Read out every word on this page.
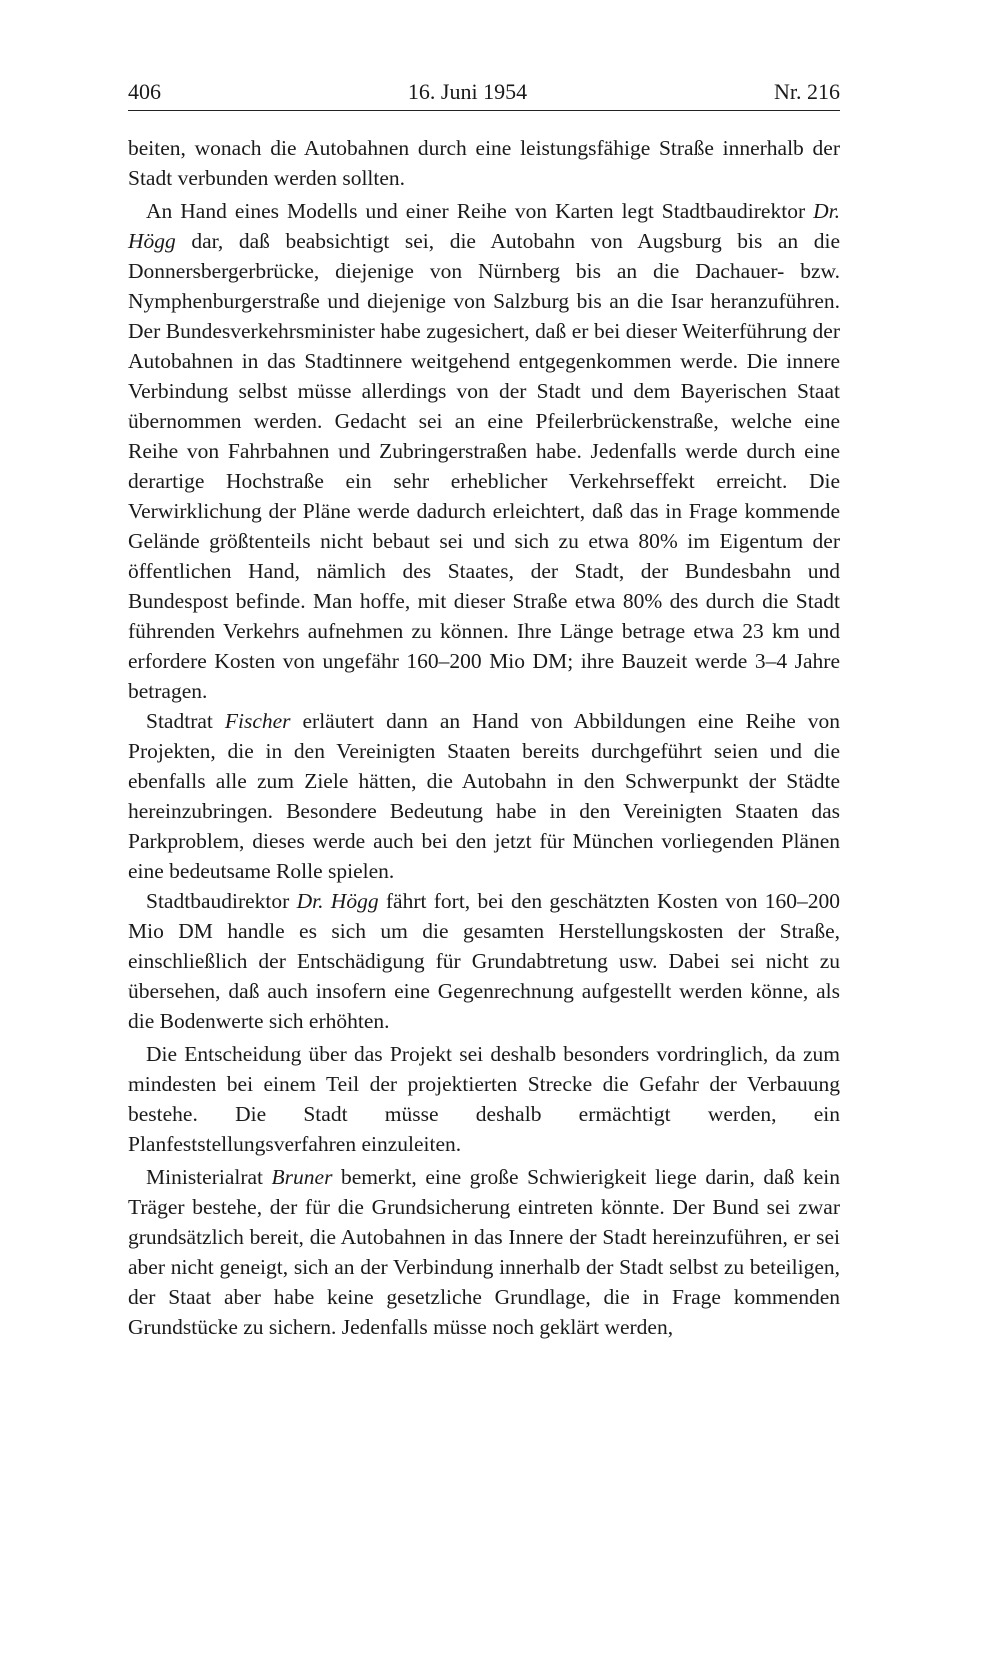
406	16. Juni 1954	Nr. 216

beiten, wonach die Autobahnen durch eine leistungsfähige Straße innerhalb der Stadt verbunden werden sollten.

An Hand eines Modells und einer Reihe von Karten legt Stadtbaudirektor Dr. Högg dar, daß beabsichtigt sei, die Autobahn von Augsburg bis an die Donnersbergerbrücke, diejenige von Nürnberg bis an die Dachauer- bzw. Nymphenburgerstraße und diejenige von Salzburg bis an die Isar heranzuführen. Der Bundesverkehrsminister habe zugesichert, daß er bei dieser Weiterführung der Autobahnen in das Stadtinnere weitgehend entgegenkommen werde. Die innere Verbindung selbst müsse allerdings von der Stadt und dem Bayerischen Staat übernommen werden. Gedacht sei an eine Pfeilerbrückenstraße, welche eine Reihe von Fahrbahnen und Zubringerstraßen habe. Jedenfalls werde durch eine derartige Hochstraße ein sehr erheblicher Verkehrseffekt erreicht. Die Verwirklichung der Pläne werde dadurch erleichtert, daß das in Frage kommende Gelände größtenteils nicht bebaut sei und sich zu etwa 80% im Eigentum der öffentlichen Hand, nämlich des Staates, der Stadt, der Bundesbahn und Bundespost befinde. Man hoffe, mit dieser Straße etwa 80% des durch die Stadt führenden Verkehrs aufnehmen zu können. Ihre Länge betrage etwa 23 km und erfordere Kosten von ungefähr 160–200 Mio DM; ihre Bauzeit werde 3–4 Jahre betragen.

Stadtrat Fischer erläutert dann an Hand von Abbildungen eine Reihe von Projekten, die in den Vereinigten Staaten bereits durchgeführt seien und die ebenfalls alle zum Ziele hätten, die Autobahn in den Schwerpunkt der Städte hereinzubringen. Besondere Bedeutung habe in den Vereinigten Staaten das Parkproblem, dieses werde auch bei den jetzt für München vorliegenden Plänen eine bedeutsame Rolle spielen.

Stadtbaudirektor Dr. Högg fährt fort, bei den geschätzten Kosten von 160–200 Mio DM handle es sich um die gesamten Herstellungskosten der Straße, einschließlich der Entschädigung für Grundabtretung usw. Dabei sei nicht zu übersehen, daß auch insofern eine Gegenrechnung aufgestellt werden könne, als die Bodenwerte sich erhöhten.

Die Entscheidung über das Projekt sei deshalb besonders vordringlich, da zum mindesten bei einem Teil der projektierten Strecke die Gefahr der Verbauung bestehe. Die Stadt müsse deshalb ermächtigt werden, ein Planfeststellungsverfahren einzuleiten.

Ministerialrat Bruner bemerkt, eine große Schwierigkeit liege darin, daß kein Träger bestehe, der für die Grundsicherung eintreten könnte. Der Bund sei zwar grundsätzlich bereit, die Autobahnen in das Innere der Stadt hereinzuführen, er sei aber nicht geneigt, sich an der Verbindung innerhalb der Stadt selbst zu beteiligen, der Staat aber habe keine gesetzliche Grundlage, die in Frage kommenden Grundstücke zu sichern. Jedenfalls müsse noch geklärt werden,
